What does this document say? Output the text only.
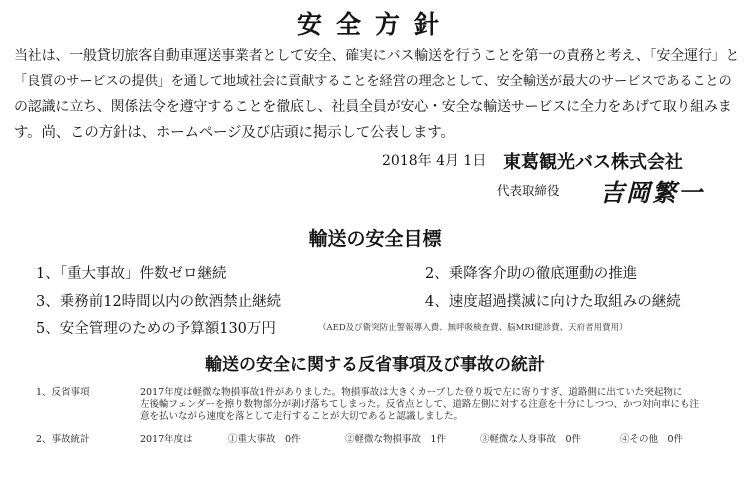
安全方針
当社は、一般貸切旅客自動車運送事業者として安全、確実にバス輸送を行うことを第一の責務と考え、「安全運行」と
「良質のサービスの提供」を通して地域社会に貢献することを経営の理念として、安全輸送が最大のサービスであることの
の認識に立ち、関係法令を遵守することを徹底し、社員全員が安心・安全な輸送サービスに全力をあげて取り組みま
す。尚、この方針は、ホームページ及び店頭に掲示して公表します。
2018年 4月 1日 東葛観光バス株式会社
代表取締役 吉岡繁一
輸送の安全目標
1、「重大事故」件数ゼロ継続	2、乗降客介助の徹底運動の推進
3、乗務前12時間以内の飲酒禁止継続	4、速度超過撲滅に向けた取組みの継続
5、安全管理のための予算額130万円	（AED及び衛突防止警報導入費、無呼吸検査費、脳MRI健診費、天府者用費用）
輸送の安全に関する反省事項及び事故の統計
1、反省事項	2017年度は軽微な物損事故1件がありました。物損事故は大きくカーブした登り坂で左に寄りすぎ、道路側に出ていた突起物に
左後輪フェンダーを擦り数物部分が剥げ落ちてしまった。反省点として、道路左側に対する注意を十分にしつつ、かつ対向車にも注
意を払いながら速度を落として走行することが大切であると認識しました。
2、事故統計	2017年度は	①重大事故　0件	②軽微な物損事故　1件	③軽微な人身事故　0件	④その他　0件
